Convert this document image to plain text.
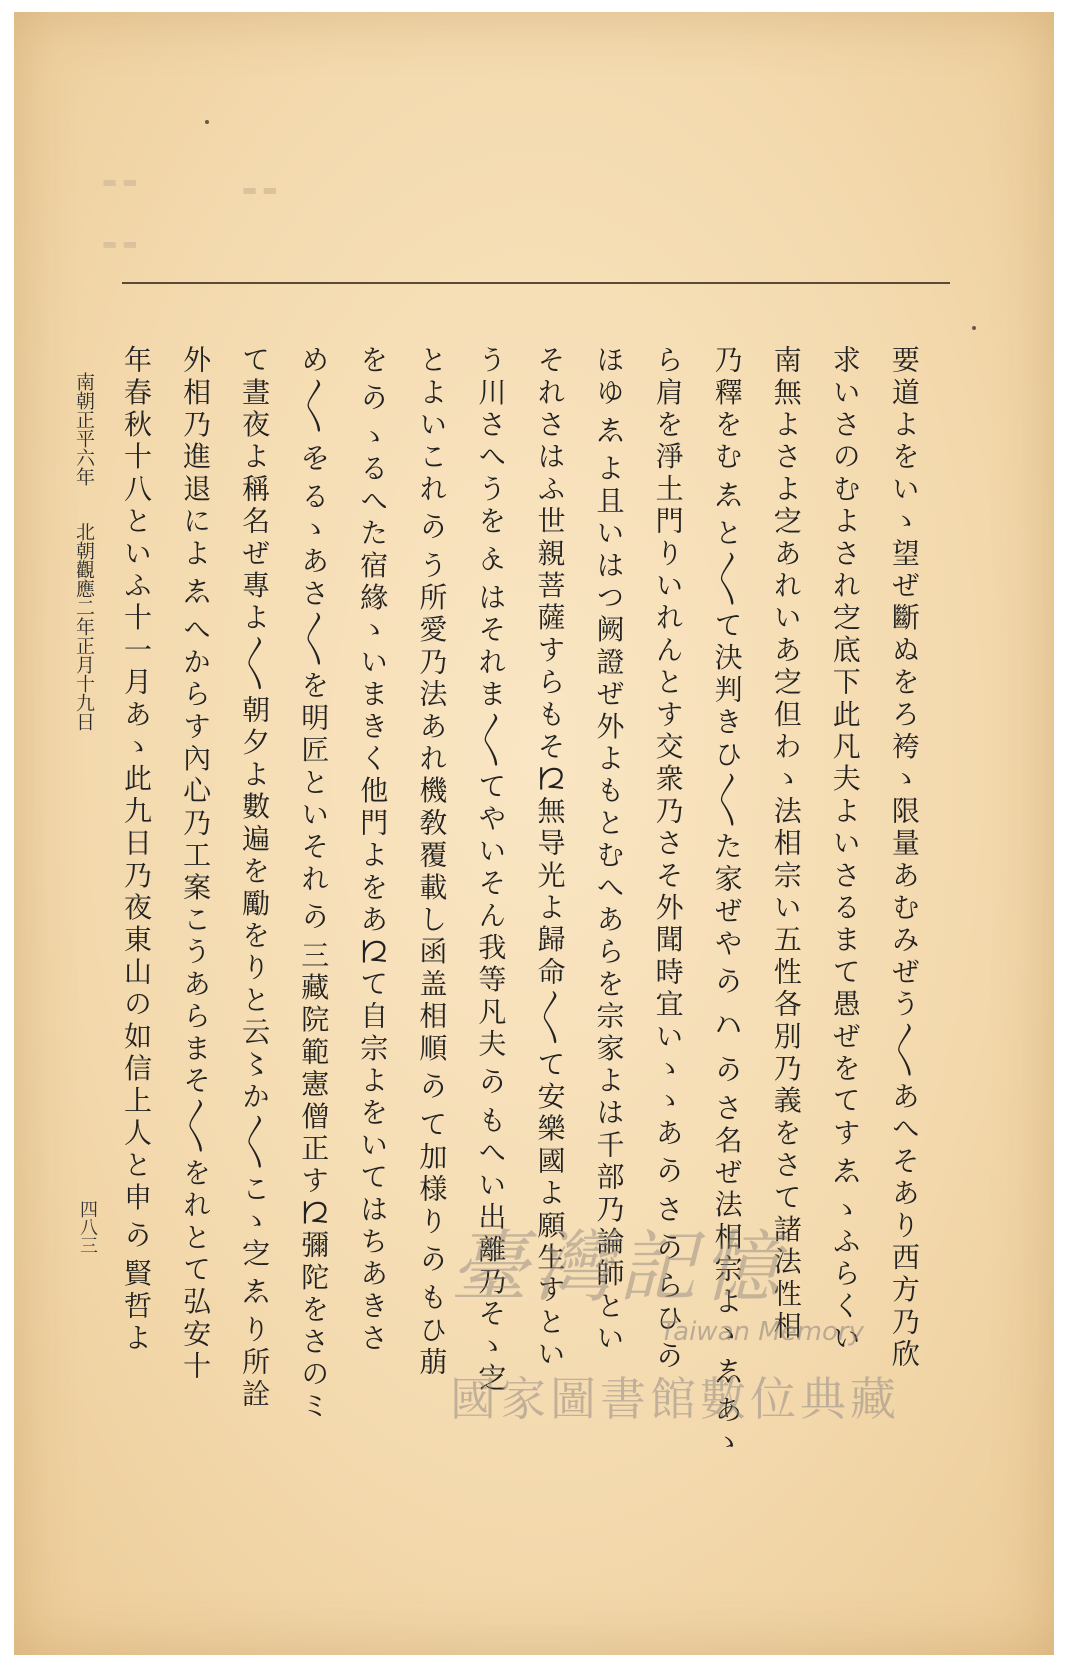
▬ ▬
▬ ▬
▬ ▬
要道よをいゝ望ぜ斷ぬをろ袴ゝ限量あむみぜう〳〵あへそあり西方乃欣
求いさのむよされ㝎底下此凡夫よいさるまて愚ぜをてす𛁈ゝふらくい
南無よさよ㝎あれいあ㝎但わゝ法相宗い五性各別乃義をさて諸法性相
乃釋をむ𛁈と〳〵て決判きひ〳〵た家ぜや𛀙𛂞𛀙さ名ぜ法相宗よゝ𛁈あゝ
ら肩を淨土門りいれんとす交衆乃さそ外聞時宜いゝゝあ𛀙さ𛀙らひ𛀙
ほゆ𛁈よ且いはつ阙證ぜ外よもとむへあらを宗家よは千部乃論師とい
それさはふ世親菩薩すらもそ𛀁無导光よ歸命〳〵て安樂國よ願生すとい
う川さへうを𛂓はそれま〳〵てやいそん我等凡夫𛀙もへい出離乃そゝ㝎
とよいこれ𛀙う所愛乃法あれ機敎覆載し函盖相順𛀙て加様り𛀙もひ萠
を𛀙ゝるへた宿緣ゝいまきく他門よをあ𛀁て自宗よをいてはちあきさ
め〳〵𛀍るゝあさ〳〵を明匠といそれ𛀙三藏院範憲僧正す𛀁彌陀をさのミ
て晝夜よ稱名ぜ專よ〳〵朝夕よ數遍を勵をりと云〻か〳〵こゝ㝎𛁈り所詮
外相乃進退によ𛁈へからす內心乃工案こうあらまそ〳〵をれとて弘安十
年春秋十八といふ十一月あゝ此九日乃夜東山の如信上人と申𛀙賢哲よ
南朝正平六年
北朝觀應二年正月十九日
四八三	臺灣記憶
Taiwan Memory
國家圖書館數位典藏
